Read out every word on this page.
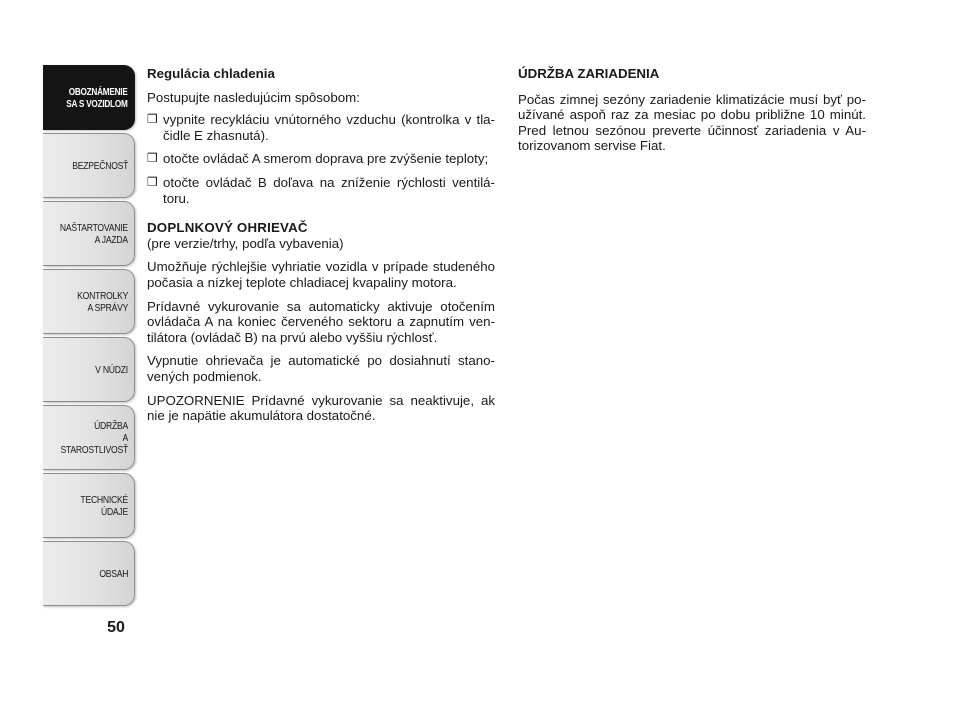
OBOZNÁMENIE
SA S VOZIDLOM
BEZPEČNOSŤ
NAŠTARTOVANIE
A JAZDA
KONTROLKY
A SPRÁVY
V NÚDZI
ÚDRŽBA
A STAROSTLIVOSŤ
TECHNICKÉ
ÚDAJE
OBSAH
50
Regulácia chladenia

Postupujte nasledujúcim spôsobom:

❒ vypnite recykláciu vnútorného vzduchu (kontrolka v tla- čidle E zhasnutá).
❒ otočte ovládač A smerom doprava pre zvýšenie teploty;
❒ otočte ovládač B doľava na zníženie rýchlosti ventilá- toru.
DOPLNKOVÝ OHRIEVAČ
(pre verzie/trhy, podľa vybavenia)

Umožňuje rýchlejšie vyhriatie vozidla v prípade studeného počasia a nízkej teplote chladiacej kvapaliny motora.

Prídavné vykurovanie sa automaticky aktivuje otočením ovládača A na koniec červeného sektoru a zapnutím ven- tilátora (ovládač B) na prvú alebo vyššiu rýchlosť.

Vypnutie ohrievača je automatické po dosiahnutí stano- vených podmienok.

UPOZORNENIE Prídavné vykurovanie sa neaktivuje, ak nie je napätie akumulátora dostatočné.

ÚDRŽBA ZARIADENIA

Počas zimnej sezóny zariadenie klimatizácie musí byť po- užívané aspoň raz za mesiac po dobu približne 10 minút. Pred letnou sezónou preverte účinnosť zariadenia v Au- torizovanom servise Fiat.
